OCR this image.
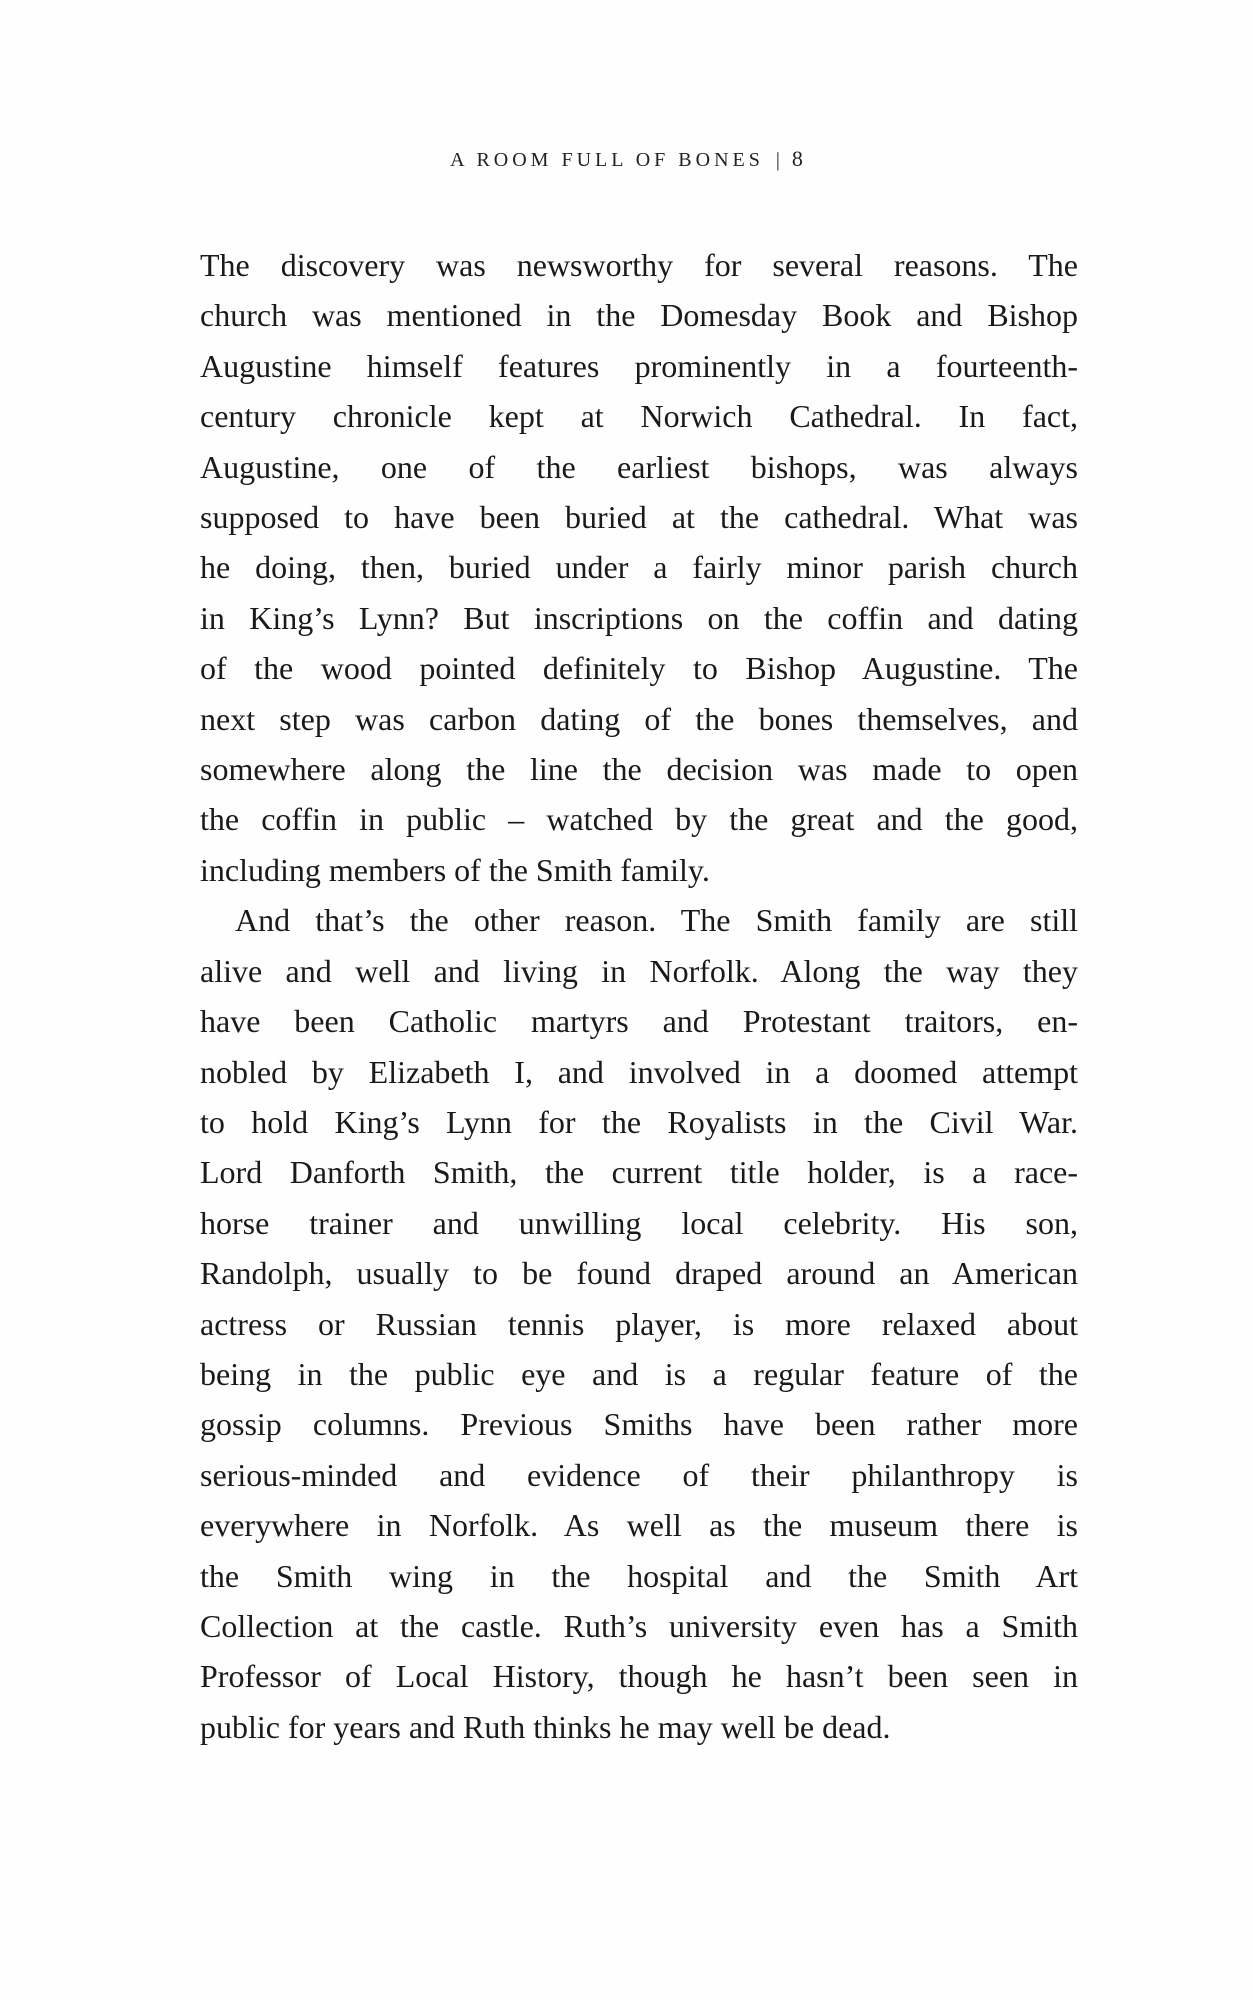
A ROOM FULL OF BONES | 8

The discovery was newsworthy for several reasons. The
church was mentioned in the Domesday Book and Bishop
Augustine himself features prominently in a fourteenth-
century chronicle kept at Norwich Cathedral. In fact,
Augustine, one of the earliest bishops, was always
supposed to have been buried at the cathedral. What was
he doing, then, buried under a fairly minor parish church
in King’s Lynn? But inscriptions on the coffin and dating
of the wood pointed definitely to Bishop Augustine. The
next step was carbon dating of the bones themselves, and
somewhere along the line the decision was made to open
the coffin in public – watched by the great and the good,
including members of the Smith family.

And that’s the other reason. The Smith family are still
alive and well and living in Norfolk. Along the way they
have been Catholic martyrs and Protestant traitors, en-
nobled by Elizabeth I, and involved in a doomed attempt
to hold King’s Lynn for the Royalists in the Civil War.
Lord Danforth Smith, the current title holder, is a race-
horse trainer and unwilling local celebrity. His son,
Randolph, usually to be found draped around an American
actress or Russian tennis player, is more relaxed about
being in the public eye and is a regular feature of the
gossip columns. Previous Smiths have been rather more
serious-minded and evidence of their philanthropy is
everywhere in Norfolk. As well as the museum there is
the Smith wing in the hospital and the Smith Art
Collection at the castle. Ruth’s university even has a Smith
Professor of Local History, though he hasn’t been seen in
public for years and Ruth thinks he may well be dead.
